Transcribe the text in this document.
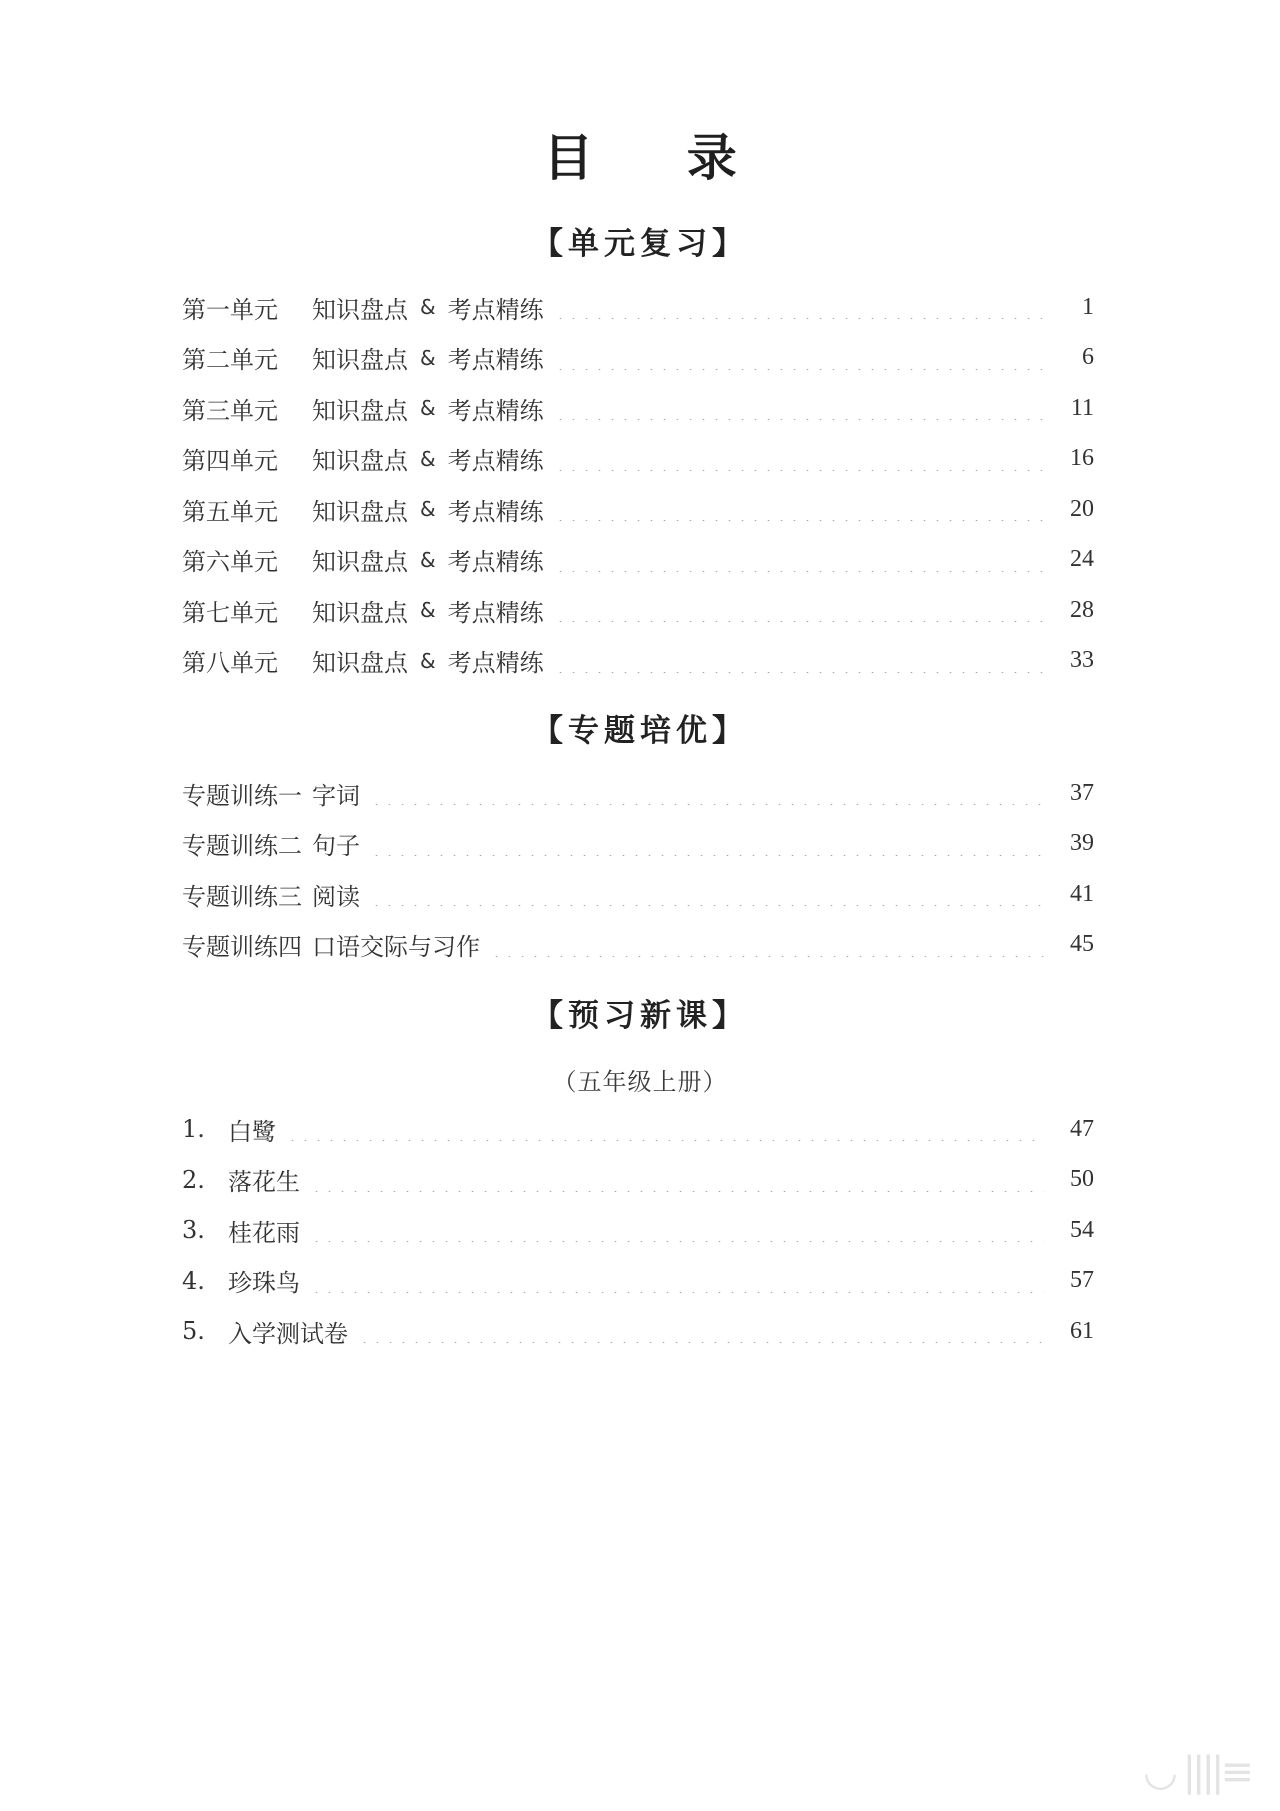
目 录
【单元复习】
第一单元	知识盘点 & 考点精练	1
第二单元	知识盘点 & 考点精练	6
第三单元	知识盘点 & 考点精练	11
第四单元	知识盘点 & 考点精练	16
第五单元	知识盘点 & 考点精练	20
第六单元	知识盘点 & 考点精练	24
第七单元	知识盘点 & 考点精练	28
第八单元	知识盘点 & 考点精练	33
【专题培优】
专题训练一 字词	37
专题训练二 句子	39
专题训练三 阅读	41
专题训练四 口语交际与习作	45
【预习新课】
（五年级上册）
1. 白鹭	47
2. 落花生	50
3. 桂花雨	54
4. 珍珠鸟	57
5. 入学测试卷	61
◡ ||||≡
